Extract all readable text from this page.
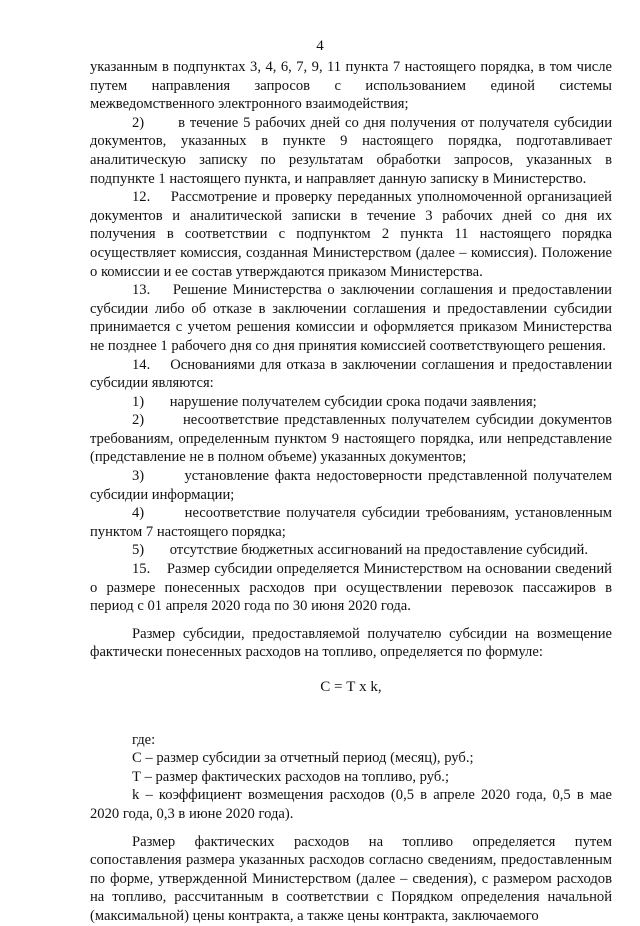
4

указанным в подпунктах 3, 4, 6, 7, 9, 11 пункта 7 настоящего порядка, в том числе путем направления запросов с использованием единой системы межведомственного электронного взаимодействия;

2)       в течение 5 рабочих дней со дня получения от получателя субсидии документов, указанных в пункте 9 настоящего порядка, подготавливает аналитическую записку по результатам обработки запросов, указанных в подпункте 1 настоящего пункта, и направляет данную записку в Министерство.

12.    Рассмотрение и проверку переданных уполномоченной организацией документов и аналитической записки в течение 3 рабочих дней со дня их получения в соответствии с подпунктом 2 пункта 11 настоящего порядка осуществляет комиссия, созданная Министерством (далее – комиссия). Положение о комиссии и ее состав утверждаются приказом Министерства.

13.    Решение Министерства о заключении соглашения и предоставлении субсидии либо об отказе в заключении соглашения и предоставлении субсидии принимается с учетом решения комиссии и оформляется приказом Министерства не позднее 1 рабочего дня со дня принятия комиссией соответствующего решения.

14.    Основаниями для отказа в заключении соглашения и предоставлении субсидии являются:

1)       нарушение получателем субсидии срока подачи заявления;

2)       несоответствие представленных получателем субсидии документов требованиям, определенным пунктом 9 настоящего порядка, или непредставление (представление не в полном объеме) указанных документов;

3)       установление факта недостоверности представленной получателем субсидии информации;

4)       несоответствие получателя субсидии требованиям, установленным пунктом 7 настоящего порядка;

5)       отсутствие бюджетных ассигнований на предоставление субсидий.

15.    Размер субсидии определяется Министерством на основании сведений о размере понесенных расходов при осуществлении перевозок пассажиров в период с 01 апреля 2020 года по 30 июня 2020 года.

Размер субсидии, предоставляемой получателю субсидии на возмещение фактически понесенных расходов на топливо, определяется по формуле:

С = Т х k,

где:

С – размер субсидии за отчетный период (месяц), руб.;

Т – размер фактических расходов на топливо, руб.;

k – коэффициент возмещения расходов (0,5 в апреле 2020 года, 0,5 в мае 2020 года, 0,3 в июне 2020 года).

Размер фактических расходов на топливо определяется путем сопоставления размера указанных расходов согласно сведениям, предоставленным по форме, утвержденной Министерством (далее – сведения), с размером расходов на топливо, рассчитанным в соответствии с Порядком определения начальной (максимальной) цены контракта, а также цены контракта, заключаемого
